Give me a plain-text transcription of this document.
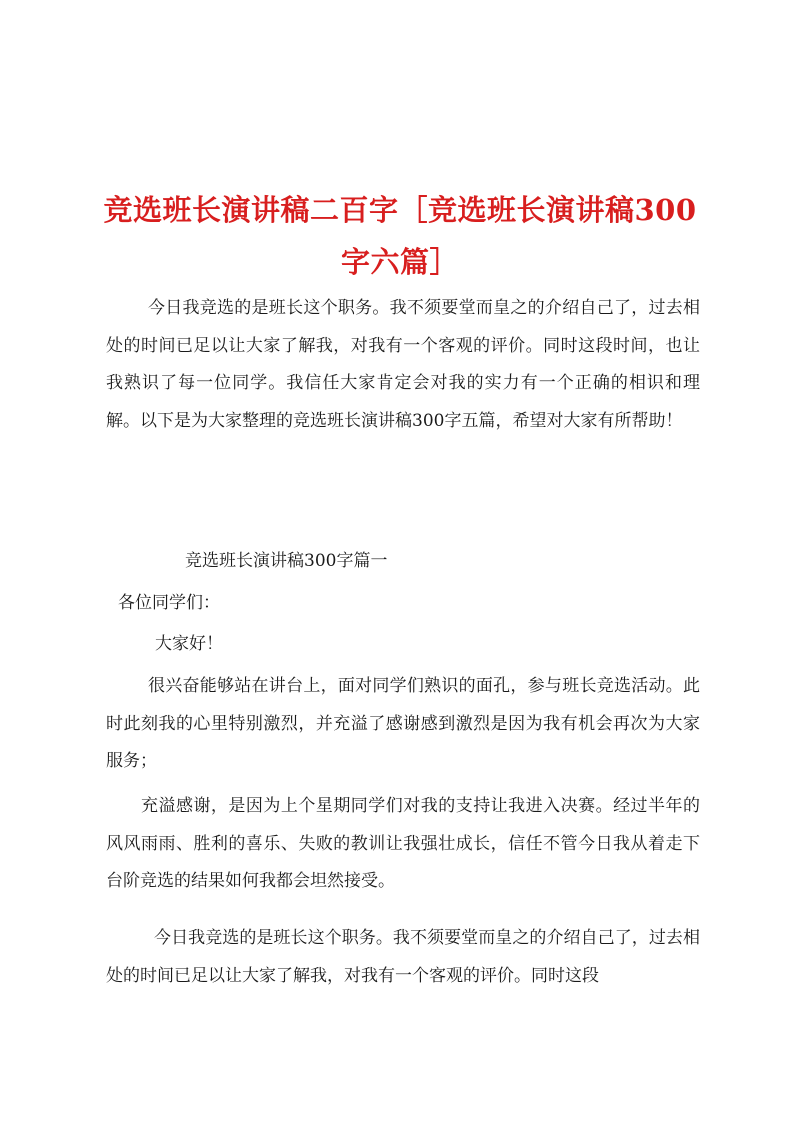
竞选班长演讲稿二百字［竞选班长演讲稿300字六篇］

今日我竞选的是班长这个职务。我不须要堂而皇之的介绍自己了，过去相处的时间已足以让大家了解我，对我有一个客观的评价。同时这段时间，也让我熟识了每一位同学。我信任大家肯定会对我的实力有一个正确的相识和理解。以下是为大家整理的竞选班长演讲稿300字五篇，希望对大家有所帮助！

竞选班长演讲稿300字篇一

各位同学们：

大家好！

很兴奋能够站在讲台上，面对同学们熟识的面孔，参与班长竞选活动。此时此刻我的心里特别激烈，并充溢了感谢感到激烈是因为我有机会再次为大家服务；

充溢感谢，是因为上个星期同学们对我的支持让我进入决赛。经过半年的风风雨雨、胜利的喜乐、失败的教训让我强壮成长，信任不管今日我从着走下台阶竞选的结果如何我都会坦然接受。

今日我竞选的是班长这个职务。我不须要堂而皇之的介绍自己了，过去相处的时间已足以让大家了解我，对我有一个客观的评价。同时这段
